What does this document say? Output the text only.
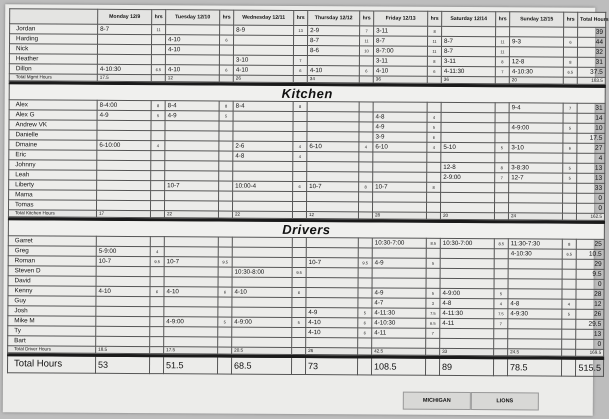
	Monday 12/9	hrs	Tuesday 12/10	hrs	Wednesday 12/11	hrs	Thursday 12/12	hrs	Friday 12/13	hrs	Saturday 12/14	hrs	Sunday 12/15	hrs	Total Hours
Jordan	8-7	11			8-9	13	2-9	7	3-11	8					39
Harding			4-10	6			8-7	11	8-7	11	8-7	11	9-3	6	44
Nick			4-10				8-6	10	8-7:00	11	8-7	11			32
Heather					3-10	7			3-11	8	3-11	8	12-8	8	31
Dillon	4-10:30	6.5	4-10	6	4-10	6	4-10	6	4-10	6	4-11:30	7	4-10:30	6.5	37.5
Total Mgmt Hours	17.5		12		26		34		36		36		20		183.5

Kitchen															
Alex	8-4:00	8	8-4	8	8-4	8							9-4	7	31
Alex G	4-9	5	4-9	5					4-8	4					14
Andrew VK									4-9	5			4-9:00	5	10
Danielle									3-9	6					17.5
Dmaine	6-10:00	4			2-6	4	6-10	4	6-10	4	5-10	5	3-10	6	27
Eric					4-8	4									4
Johnny											12-8	8	3-8:30	5	13
Leah											2-9:00	7	12-7	5	13
Liberty			10-7		10:00-4	6	10-7	8	10-7	8					33
Mama															0
Tomas															0
Total Kitchen Hours	17		22		22		12		28		20		24		162.5

Drivers															
Garret									10:30-7:00	8.5	10:30-7:00	8.5	11:30-7:30	8	25
Greg	5-9:00	4											4-10:30	6.5	10.5
Roman	10-7	9.5	10-7	9.5			10-7	9.5	4-9	5					29
Steven D					10:30-8:00	9.5									9.5
David															0
Kenny	4-10	6	4-10	6	4-10	6			4-9	5	4-9:00	5			28
Guy									4-7	3	4-8	4	4-8	4	12
Josh							4-9	5	4-11:30	7.5	4-11:30	7.5	4-9:30	5	26
Mike M			4-9:00	5	4-9:00	5	4-10	6	4-10:30	6.5	4-11	7			29.5
Ty							4-10	6	4-11	7					13
Bart															0
Total Driver Hours	18.5		17.5		20.5		26		42.5		33		24.5		169.5

Total Hours	53		51.5		68.5		73		108.5		89		78.5		515.5
MICHIGAN	LIONS
